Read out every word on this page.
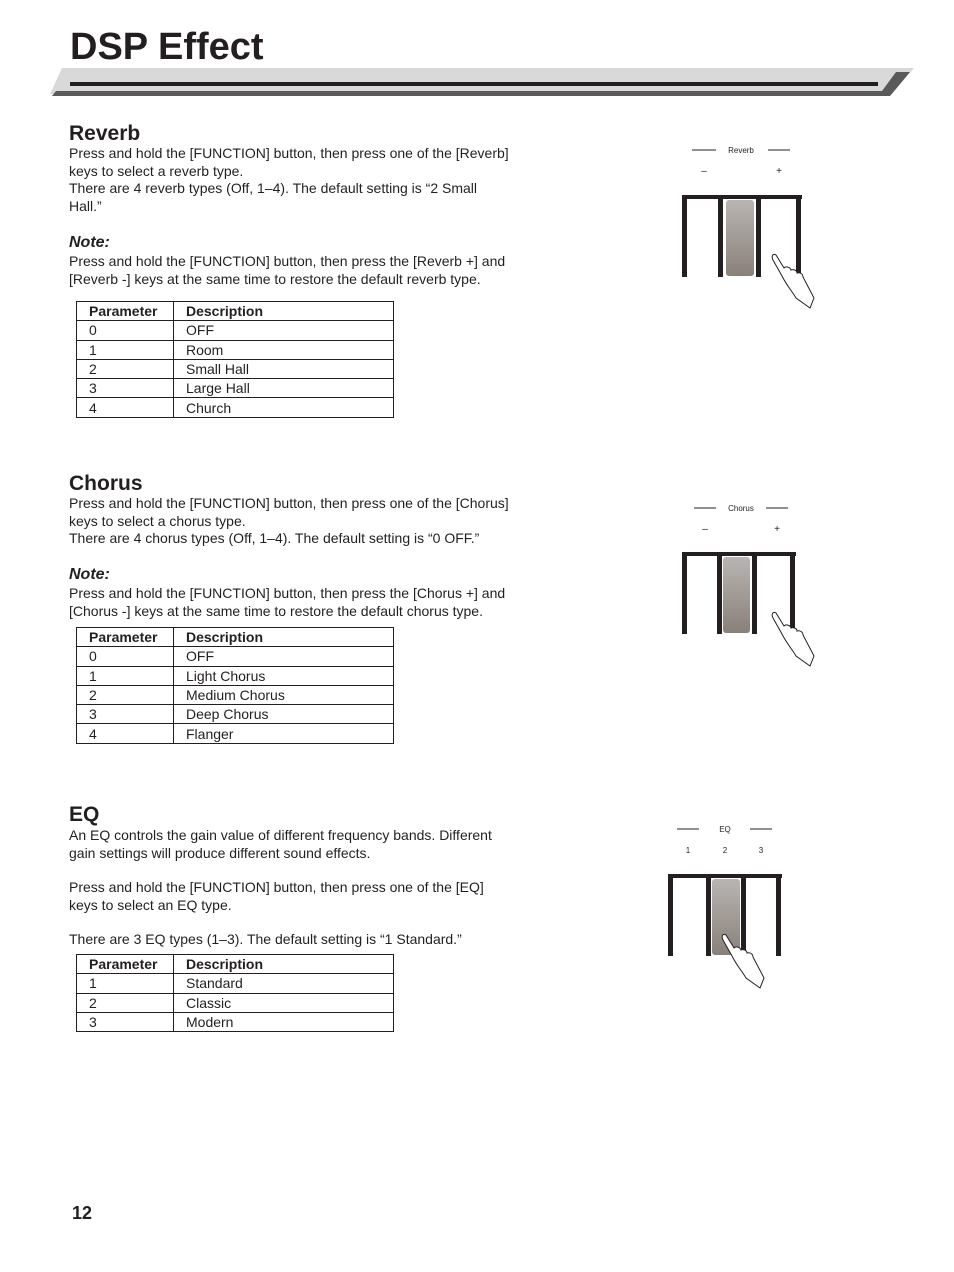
DSP Effect
Reverb

Press and hold the [FUNCTION] button, then press one of the [Reverb] keys to select a reverb type.

There are 4 reverb types (Off, 1–4). The default setting is “2 Small Hall.”

Note:

Press and hold the [FUNCTION] button, then press the [Reverb +] and [Reverb -] keys at the same time to restore the default reverb type.

Parameter	Description
0	OFF
1	Room
2	Small Hall
3	Large Hall
4	Church
Reverb
–	+
Chorus

Press and hold the [FUNCTION] button, then press one of the [Chorus] keys to select a chorus type.

There are 4 chorus types (Off, 1–4). The default setting is “0 OFF.”

Note:

Press and hold the [FUNCTION] button, then press the [Chorus +] and [Chorus -] keys at the same time to restore the default chorus type.

Parameter	Description
0	OFF
1	Light Chorus
2	Medium Chorus
3	Deep Chorus
4	Flanger
Chorus
–	+
EQ

An EQ controls the gain value of different frequency bands. Different gain settings will produce different sound effects.

Press and hold the [FUNCTION] button, then press one of the [EQ] keys to select an EQ type.

There are 3 EQ types (1–3). The default setting is “1 Standard.”

Parameter	Description
1	Standard
2	Classic
3	Modern
EQ
1	2	3
12
